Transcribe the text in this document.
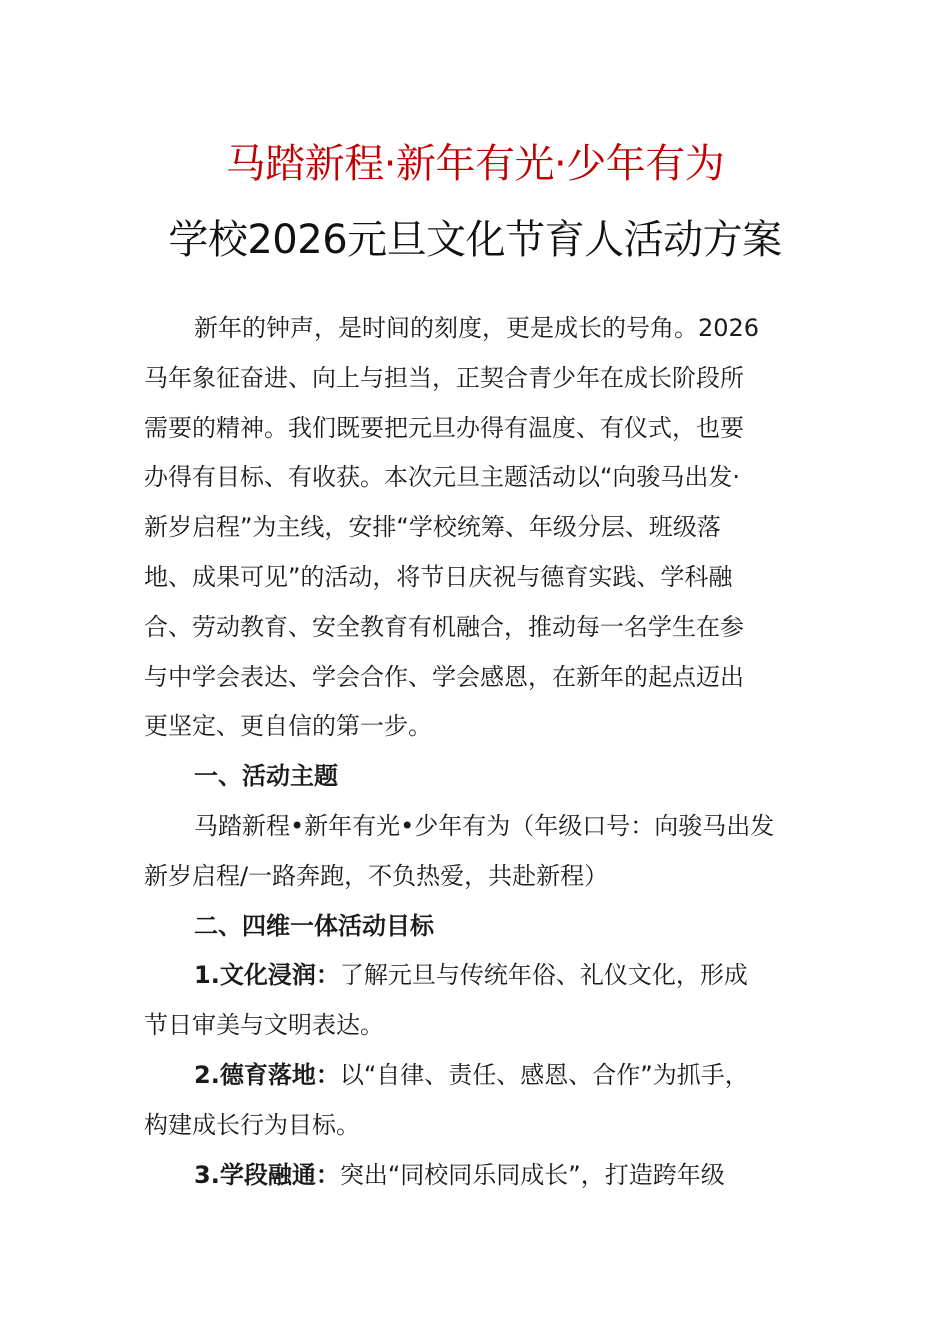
马踏新程·新年有光·少年有为
学校2026元旦文化节育人活动方案
新年的钟声，是时间的刻度，更是成长的号角。2026
马年象征奋进、向上与担当，正契合青少年在成长阶段所
需要的精神。我们既要把元旦办得有温度、有仪式，也要
办得有目标、有收获。本次元旦主题活动以“向骏马出发·
新岁启程”为主线，安排“学校统筹、年级分层、班级落
地、成果可见”的活动，将节日庆祝与德育实践、学科融
合、劳动教育、安全教育有机融合，推动每一名学生在参
与中学会表达、学会合作、学会感恩，在新年的起点迈出
更坚定、更自信的第一步。
一、活动主题
马踏新程•新年有光•少年有为（年级口号：向骏马出发
新岁启程/一路奔跑，不负热爱，共赴新程）
二、四维一体活动目标
1.文化浸润：了解元旦与传统年俗、礼仪文化，形成
节日审美与文明表达。
2.德育落地：以“自律、责任、感恩、合作”为抓手，
构建成长行为目标。
3.学段融通：突出“同校同乐同成长”，打造跨年级
